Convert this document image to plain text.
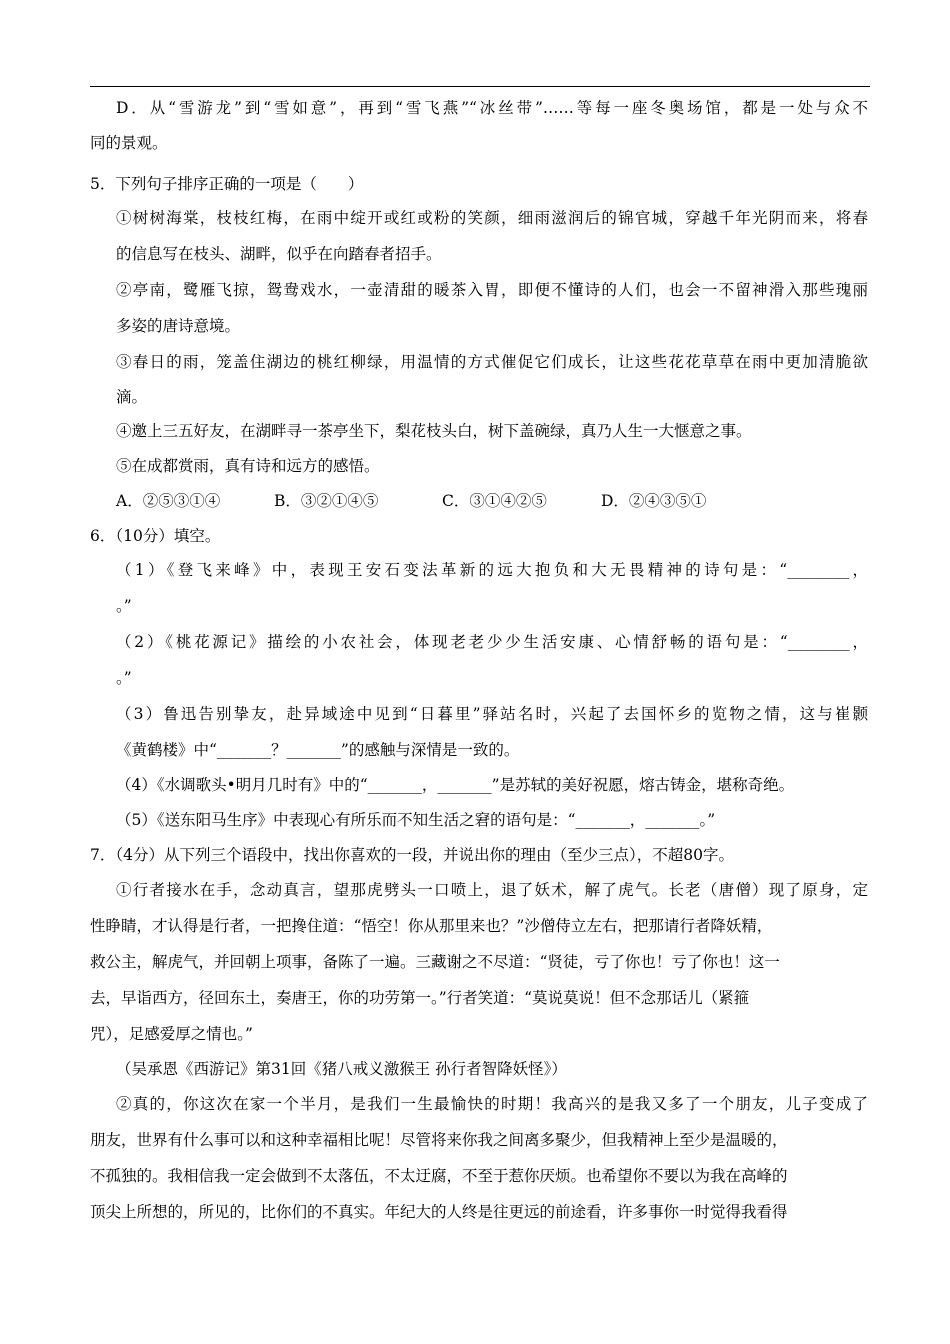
D．从“雪游龙”到“雪如意”，再到“雪飞燕”“冰丝带”……等每一座冬奥场馆，都是一处与众不
同的景观。
5．下列句子排序正确的一项是（　　）
①树树海棠，枝枝红梅，在雨中绽开或红或粉的笑颜，细雨滋润后的锦官城，穿越千年光阴而来，将春
的信息写在枝头、湖畔，似乎在向踏春者招手。
②亭南，鹭雁飞掠，鸳鸯戏水，一壶清甜的暖茶入胃，即便不懂诗的人们，也会一不留神滑入那些瑰丽
多姿的唐诗意境。
③春日的雨，笼盖住湖边的桃红柳绿，用温情的方式催促它们成长，让这些花花草草在雨中更加清脆欲
滴。
④邀上三五好友，在湖畔寻一茶亭坐下，梨花枝头白，树下盖碗绿，真乃人生一大惬意之事。
⑤在成都赏雨，真有诗和远方的感悟。
A．②⑤③①④	B．③②①④⑤	C．③①④②⑤	D．②④③⑤①
6．（10分）填空。
（1）《登飞来峰》中，表现王安石变法革新的远大抱负和大无畏精神的诗句是：“________，
。”
（2）《桃花源记》描绘的小农社会，体现老老少少生活安康、心情舒畅的语句是：“________，
。”
（3）鲁迅告别挚友，赴异域途中见到“日暮里”驿站名时，兴起了去国怀乡的览物之情，这与崔颢
《黄鹤楼》中“_______？_______”的感触与深情是一致的。
（4）《水调歌头•明月几时有》中的“_______，_______”是苏轼的美好祝愿，熔古铸金，堪称奇绝。
（5）《送东阳马生序》中表现心有所乐而不知生活之窘的语句是：“_______，_______。”
7．（4分）从下列三个语段中，找出你喜欢的一段，并说出你的理由（至少三点），不超80字。
①行者接水在手，念动真言，望那虎劈头一口喷上，退了妖术，解了虎气。长老（唐僧）现了原身，定
性睁睛，才认得是行者，一把搀住道：“悟空！你从那里来也？”沙僧侍立左右，把那请行者降妖精，
救公主，解虎气，并回朝上项事，备陈了一遍。三藏谢之不尽道：“贤徒，亏了你也！亏了你也！这一
去，早诣西方，径回东土，奏唐王，你的功劳第一。”行者笑道：“莫说莫说！但不念那话儿（紧箍
咒），足感爱厚之情也。”
（吴承恩《西游记》第31回《猪八戒义激猴王 孙行者智降妖怪》）
②真的，你这次在家一个半月，是我们一生最愉快的时期！我高兴的是我又多了一个朋友，儿子变成了
朋友，世界有什么事可以和这种幸福相比呢！尽管将来你我之间离多聚少，但我精神上至少是温暖的，
不孤独的。我相信我一定会做到不太落伍，不太迂腐，不至于惹你厌烦。也希望你不要以为我在高峰的
顶尖上所想的，所见的，比你们的不真实。年纪大的人终是往更远的前途看，许多事你一时觉得我看得
